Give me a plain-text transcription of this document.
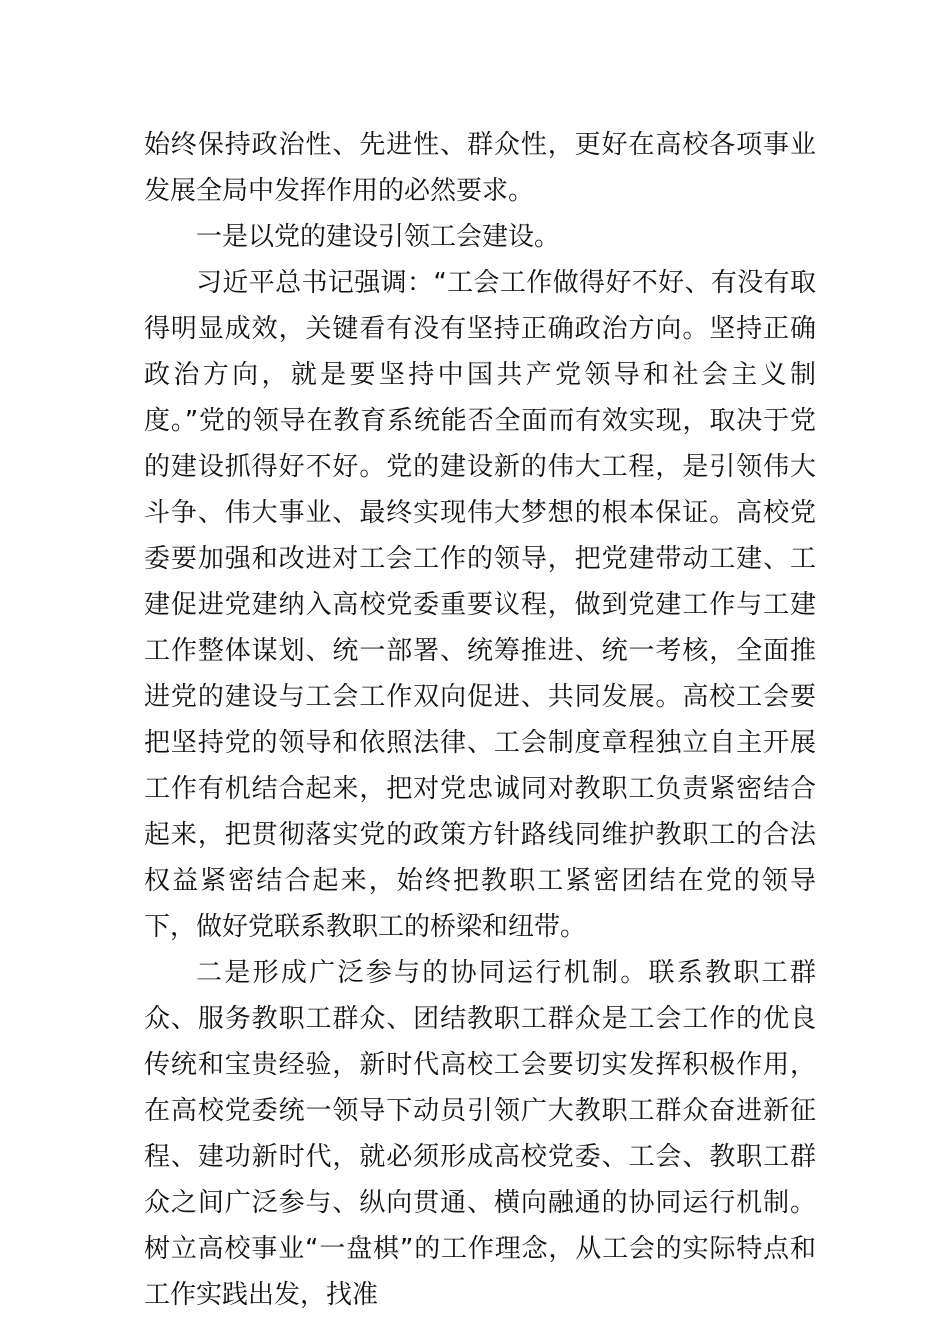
始终保持政治性、先进性、群众性，更好在高校各项事业发展全局中发挥作用的必然要求。

一是以党的建设引领工会建设。

习近平总书记强调：“工会工作做得好不好、有没有取得明显成效，关键看有没有坚持正确政治方向。坚持正确政治方向，就是要坚持中国共产党领导和社会主义制度。”党的领导在教育系统能否全面而有效实现，取决于党的建设抓得好不好。党的建设新的伟大工程，是引领伟大斗争、伟大事业、最终实现伟大梦想的根本保证。高校党委要加强和改进对工会工作的领导，把党建带动工建、工建促进党建纳入高校党委重要议程，做到党建工作与工建工作整体谋划、统一部署、统筹推进、统一考核，全面推进党的建设与工会工作双向促进、共同发展。高校工会要把坚持党的领导和依照法律、工会制度章程独立自主开展工作有机结合起来，把对党忠诚同对教职工负责紧密结合起来，把贯彻落实党的政策方针路线同维护教职工的合法权益紧密结合起来，始终把教职工紧密团结在党的领导下，做好党联系教职工的桥梁和纽带。

二是形成广泛参与的协同运行机制。联系教职工群众、服务教职工群众、团结教职工群众是工会工作的优良传统和宝贵经验，新时代高校工会要切实发挥积极作用，在高校党委统一领导下动员引领广大教职工群众奋进新征程、建功新时代，就必须形成高校党委、工会、教职工群众之间广泛参与、纵向贯通、横向融通的协同运行机制。树立高校事业“一盘棋”的工作理念，从工会的实际特点和工作实践出发，找准
